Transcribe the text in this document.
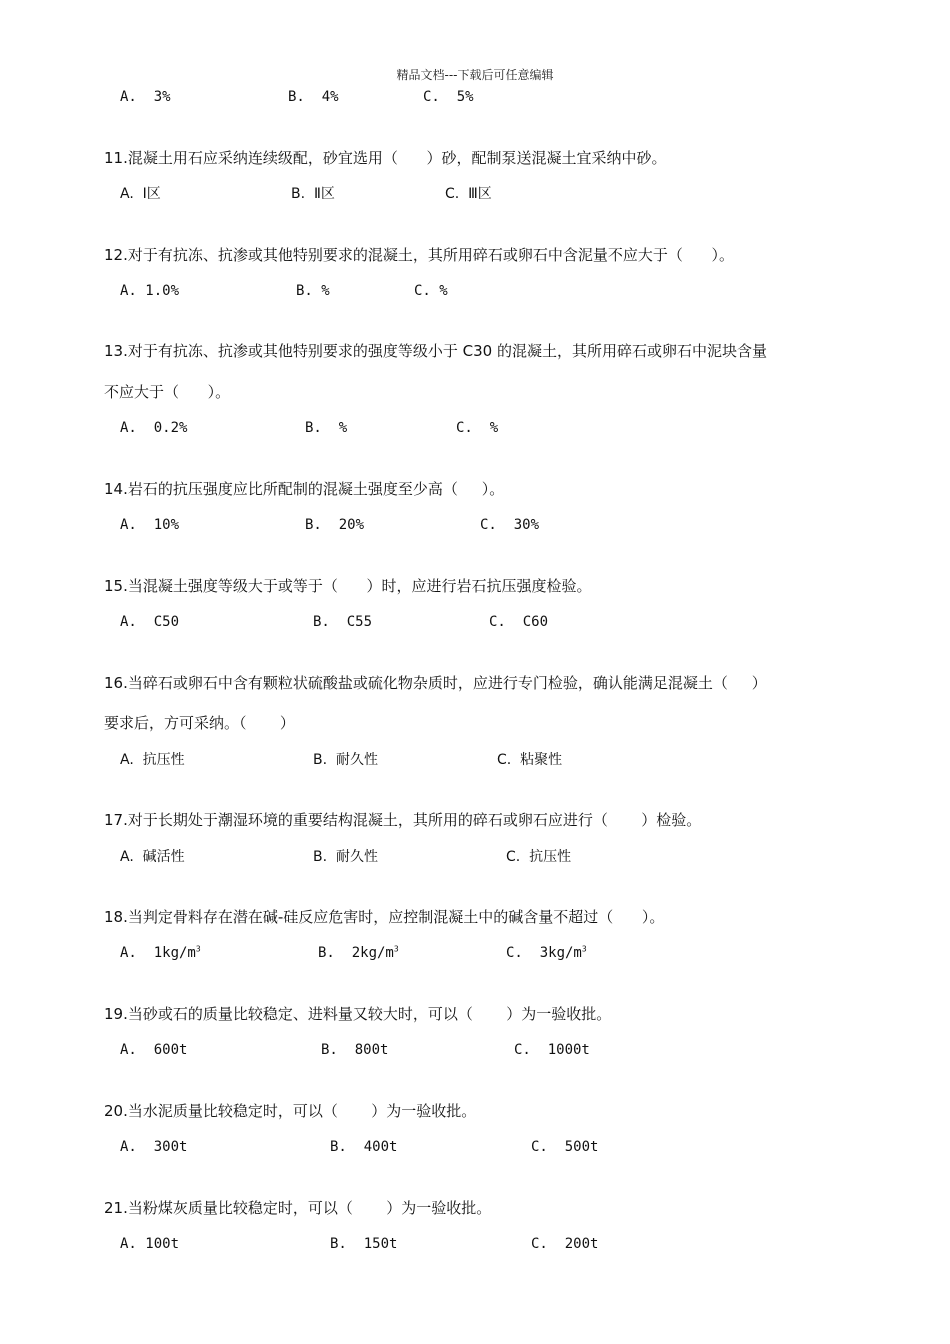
精品文档---下载后可任意编辑
A.  3%	B.  4%	C.  5%
11.混凝土用石应采纳连续级配，砂宜选用（      ）砂，配制泵送混凝土宜采纳中砂。
A.  Ⅰ区	B.  Ⅱ区	C.  Ⅲ区
12.对于有抗冻、抗渗或其他特别要求的混凝土，其所用碎石或卵石中含泥量不应大于（      ）。
A. 1.0%	B. %	C. %
13.对于有抗冻、抗渗或其他特别要求的强度等级小于 C30 的混凝土，其所用碎石或卵石中泥块含量
不应大于（      ）。
A.  0.2%	B.  %	C.  %
14.岩石的抗压强度应比所配制的混凝土强度至少高（     ）。
A.  10%	B.  20%	C.  30%
15.当混凝土强度等级大于或等于（      ）时，应进行岩石抗压强度检验。
A.  C50	B.  C55	C.  C60
16.当碎石或卵石中含有颗粒状硫酸盐或硫化物杂质时，应进行专门检验，确认能满足混凝土（     ）
要求后，方可采纳。（       ）
A.  抗压性	B.  耐久性	C.  粘聚性
17.对于长期处于潮湿环境的重要结构混凝土，其所用的碎石或卵石应进行（       ）检验。
A.  碱活性	B.  耐久性	C.  抗压性
18.当判定骨料存在潜在碱-硅反应危害时，应控制混凝土中的碱含量不超过（      ）。
A.  $1kg/m^3$	B.  $2kg/m^3$	C.  $3kg/m^3$
19.当砂或石的质量比较稳定、进料量又较大时，可以（       ）为一验收批。
A.  600t	B.  800t	C.  1000t
20.当水泥质量比较稳定时，可以（       ）为一验收批。
A.  300t	B.  400t	C.  500t
21.当粉煤灰质量比较稳定时，可以（       ）为一验收批。
A. 100t	B.  150t	C.  200t
